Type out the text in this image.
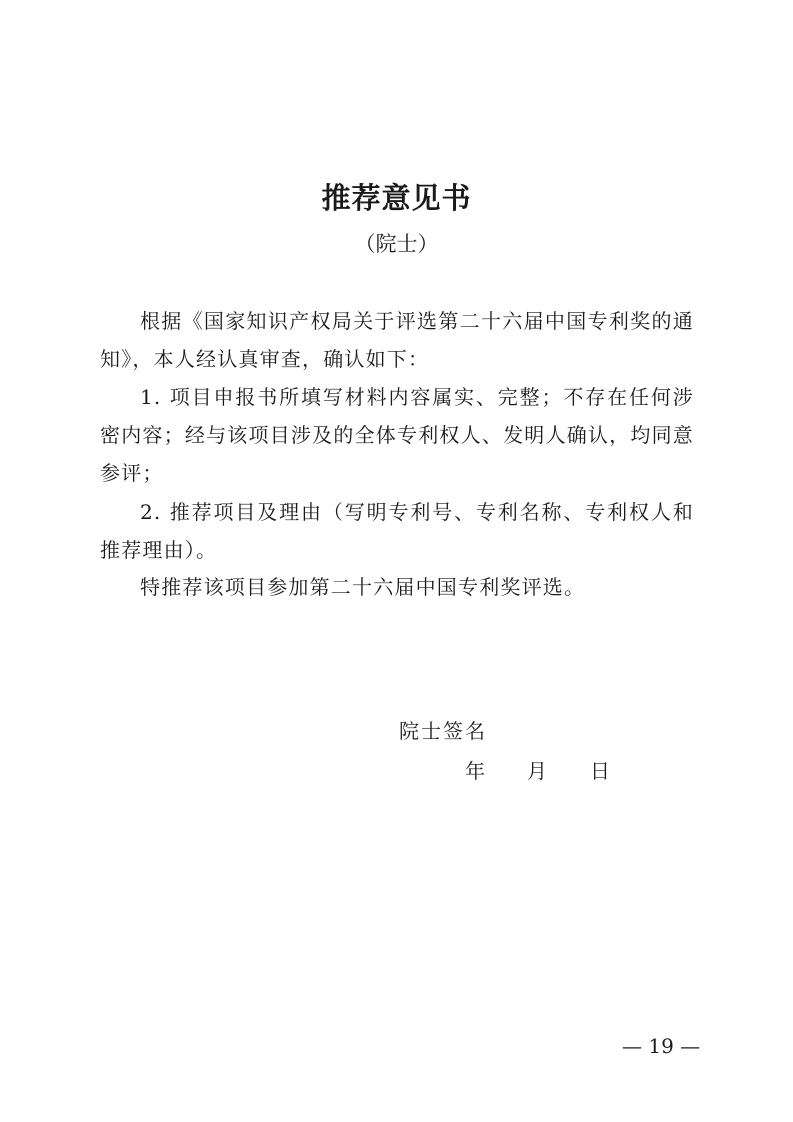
推荐意见书
（院士）

根据《国家知识产权局关于评选第二十六届中国专利奖的通知》，本人经认真审查，确认如下：

1. 项目申报书所填写材料内容属实、完整；不存在任何涉密内容；经与该项目涉及的全体专利权人、发明人确认，均同意参评；

2. 推荐项目及理由（写明专利号、专利名称、专利权人和推荐理由）。

特推荐该项目参加第二十六届中国专利奖评选。

院士签名
年 月 日
— 19 —
